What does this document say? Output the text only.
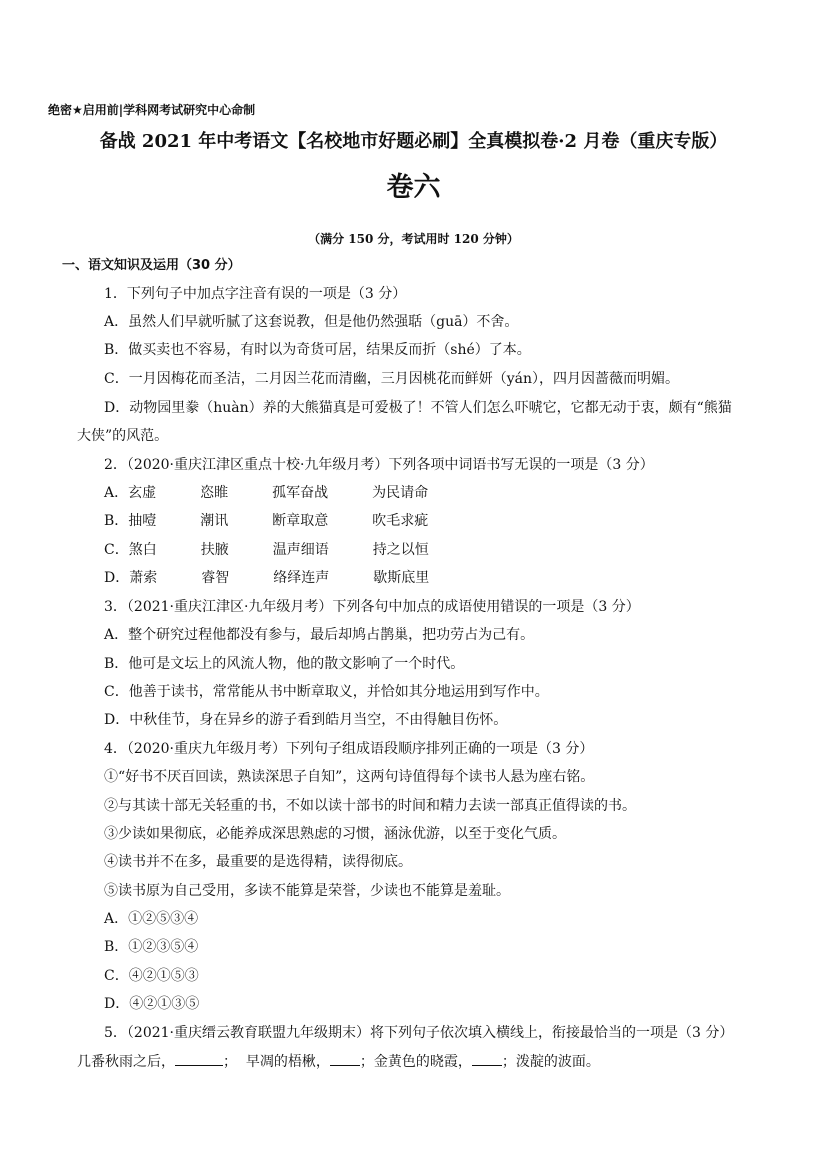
绝密★启用前|学科网考试研究中心命制
备战 2021 年中考语文【名校地市好题必刷】全真模拟卷·2 月卷（重庆专版）
卷六
（满分 150 分，考试用时 120 分钟）
一、语文知识及运用（30 分）
1．下列句子中加点字注音有误的一项是（3 分）
A．虽然人们早就听腻了这套说教，但是他仍然强聒（guā）不舍。
B．做买卖也不容易，有时以为奇货可居，结果反而折（shé）了本。
C．一月因梅花而圣洁，二月因兰花而清幽，三月因桃花而鲜妍（yán），四月因蔷薇而明媚。
D．动物园里豢（huàn）养的大熊猫真是可爱极了！不管人们怎么吓唬它，它都无动于衷，颇有“熊猫
大侠”的风范。
2．（2020·重庆江津区重点十校·九年级月考）下列各项中词语书写无误的一项是（3 分）
A．玄虚	恣睢	孤军奋战	为民请命
B．抽噎	潮讯	断章取意	吹毛求疵
C．煞白	扶腋	温声细语	持之以恒
D．萧索	睿智	络绎连声	歇斯底里
3．（2021·重庆江津区·九年级月考）下列各句中加点的成语使用错误的一项是（3 分）
A．整个研究过程他都没有参与，最后却鸠占鹊巢，把功劳占为己有。
B．他可是文坛上的风流人物，他的散文影响了一个时代。
C．他善于读书，常常能从书中断章取义，并恰如其分地运用到写作中。
D．中秋佳节，身在异乡的游子看到皓月当空，不由得触目伤怀。
4．（2020·重庆九年级月考）下列句子组成语段顺序排列正确的一项是（3 分）
①“好书不厌百回读，熟读深思子自知”，这两句诗值得每个读书人悬为座右铭。
②与其读十部无关轻重的书，不如以读十部书的时间和精力去读一部真正值得读的书。
③少读如果彻底，必能养成深思熟虑的习惯，涵泳优游，以至于变化气质。
④读书并不在多，最重要的是选得精，读得彻底。
⑤读书原为自己受用，多读不能算是荣誉，少读也不能算是羞耻。
A．①②⑤③④
B．①②③⑤④
C．④②①⑤③
D．④②①③⑤
5．（2021·重庆缙云教育联盟九年级期末）将下列句子依次填入横线上，衔接最恰当的一项是（3 分）
几番秋雨之后，	； 早凋的梧楸， ；金黄色的晓霞， ；泼靛的波面。
